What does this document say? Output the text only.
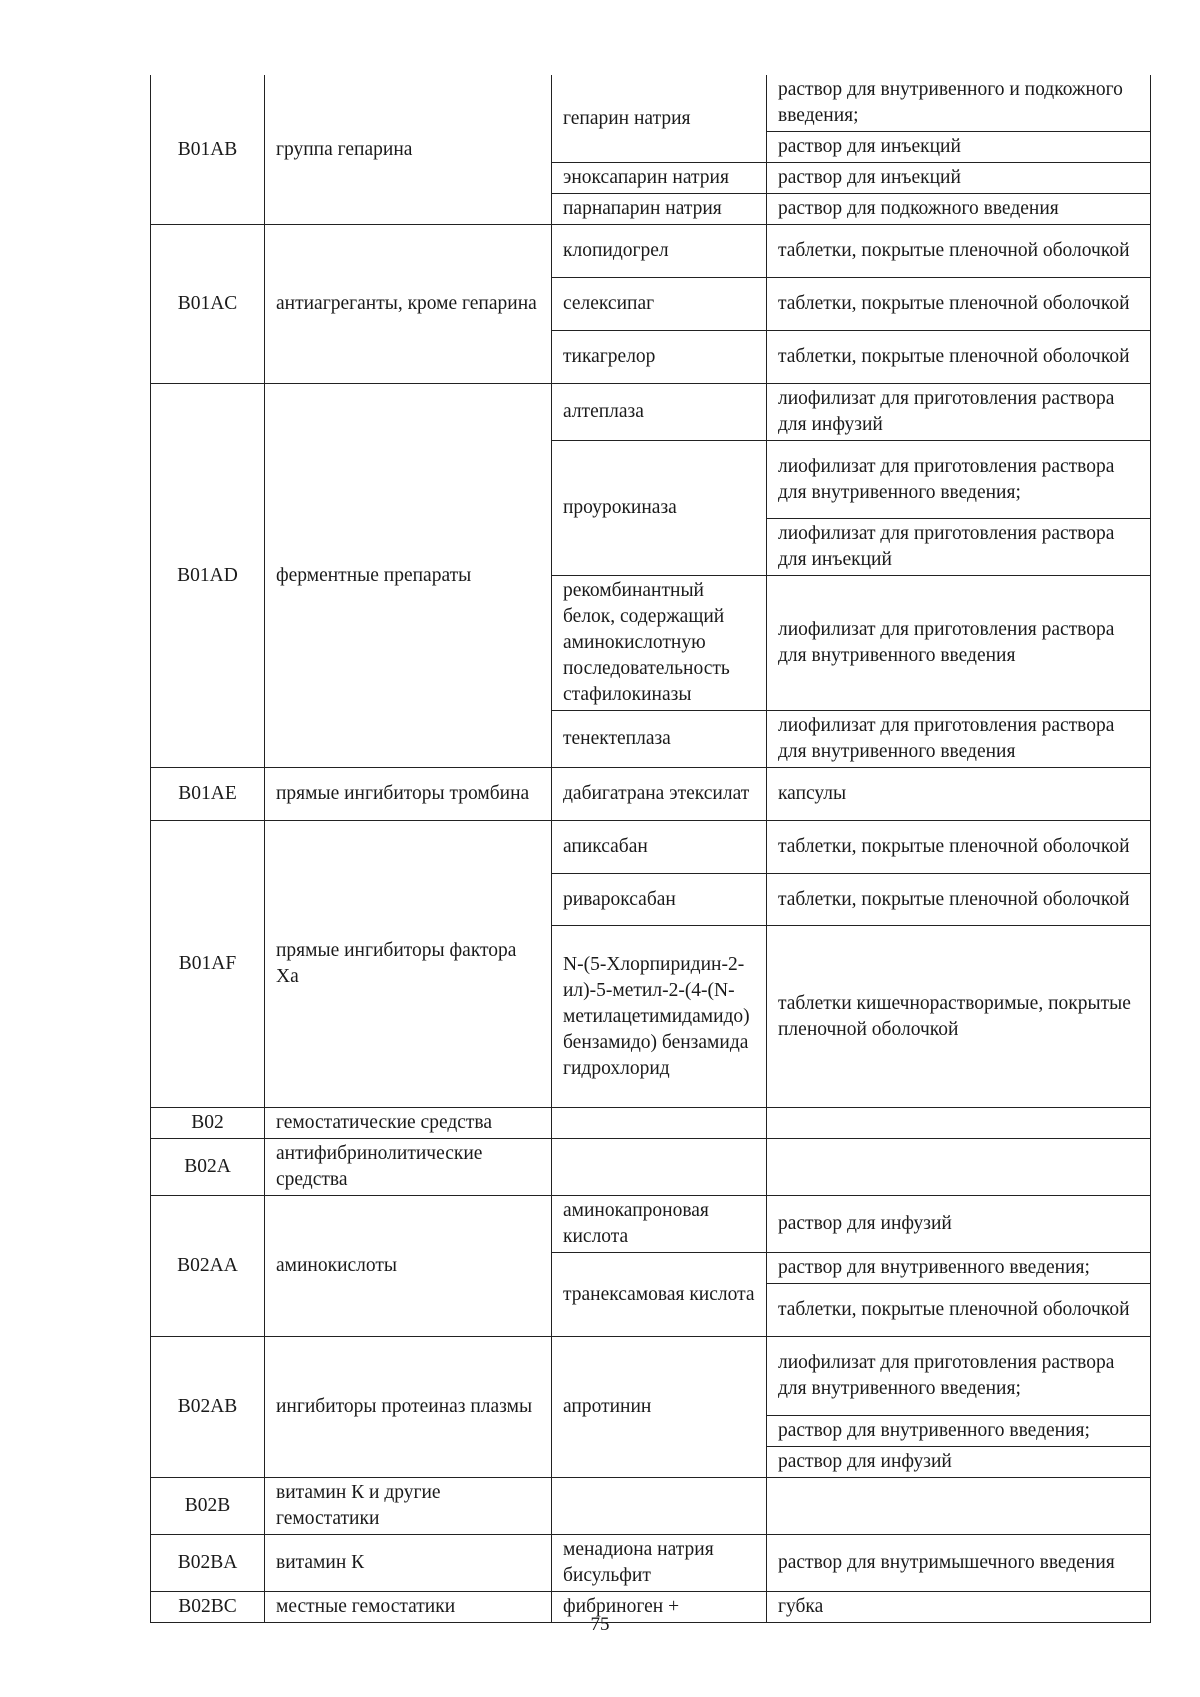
B01AB	группа гепарина	гепарин натрия	раствор для внутривенного и подкожного введения;
			раствор для инъекций
		эноксапарин натрия	раствор для инъекций
		парнапарин натрия	раствор для подкожного введения
B01AC	антиагреганты, кроме гепарина	клопидогрел	таблетки, покрытые пленочной оболочкой
		селексипаг	таблетки, покрытые пленочной оболочкой
		тикагрелор	таблетки, покрытые пленочной оболочкой
B01AD	ферментные препараты	алтеплаза	лиофилизат для приготовления раствора для инфузий
		проурокиназа	лиофилизат для приготовления раствора для внутривенного введения;
			лиофилизат для приготовления раствора для инъекций
		рекомбинантный белок, содержащий аминокислотную последовательность стафилокиназы	лиофилизат для приготовления раствора для внутривенного введения
		тенектеплаза	лиофилизат для приготовления раствора для внутривенного введения
B01AE	прямые ингибиторы тромбина	дабигатрана этексилат	капсулы
B01AF	прямые ингибиторы фактора Ха	апиксабан	таблетки, покрытые пленочной оболочкой
		ривароксабан	таблетки, покрытые пленочной оболочкой
		N-(5-Хлорпиридин-2-ил)-5-метил-2-(4-(N-метилацетимидамидо) бензамидо) бензамида гидрохлорид	таблетки кишечнорастворимые, покрытые пленочной оболочкой
B02	гемостатические средства		
B02A	антифибринолитические средства		
B02AA	аминокислоты	аминокапроновая кислота	раствор для инфузий
		транексамовая кислота	раствор для внутривенного введения;
			таблетки, покрытые пленочной оболочкой
B02AB	ингибиторы протеиназ плазмы	апротинин	лиофилизат для приготовления раствора для внутривенного введения;
			раствор для внутривенного введения;
			раствор для инфузий
B02B	витамин К и другие гемостатики		
B02BA	витамин К	менадиона натрия бисульфит	раствор для внутримышечного введения
B02BC	местные гемостатики	фибриноген +	губка
75
